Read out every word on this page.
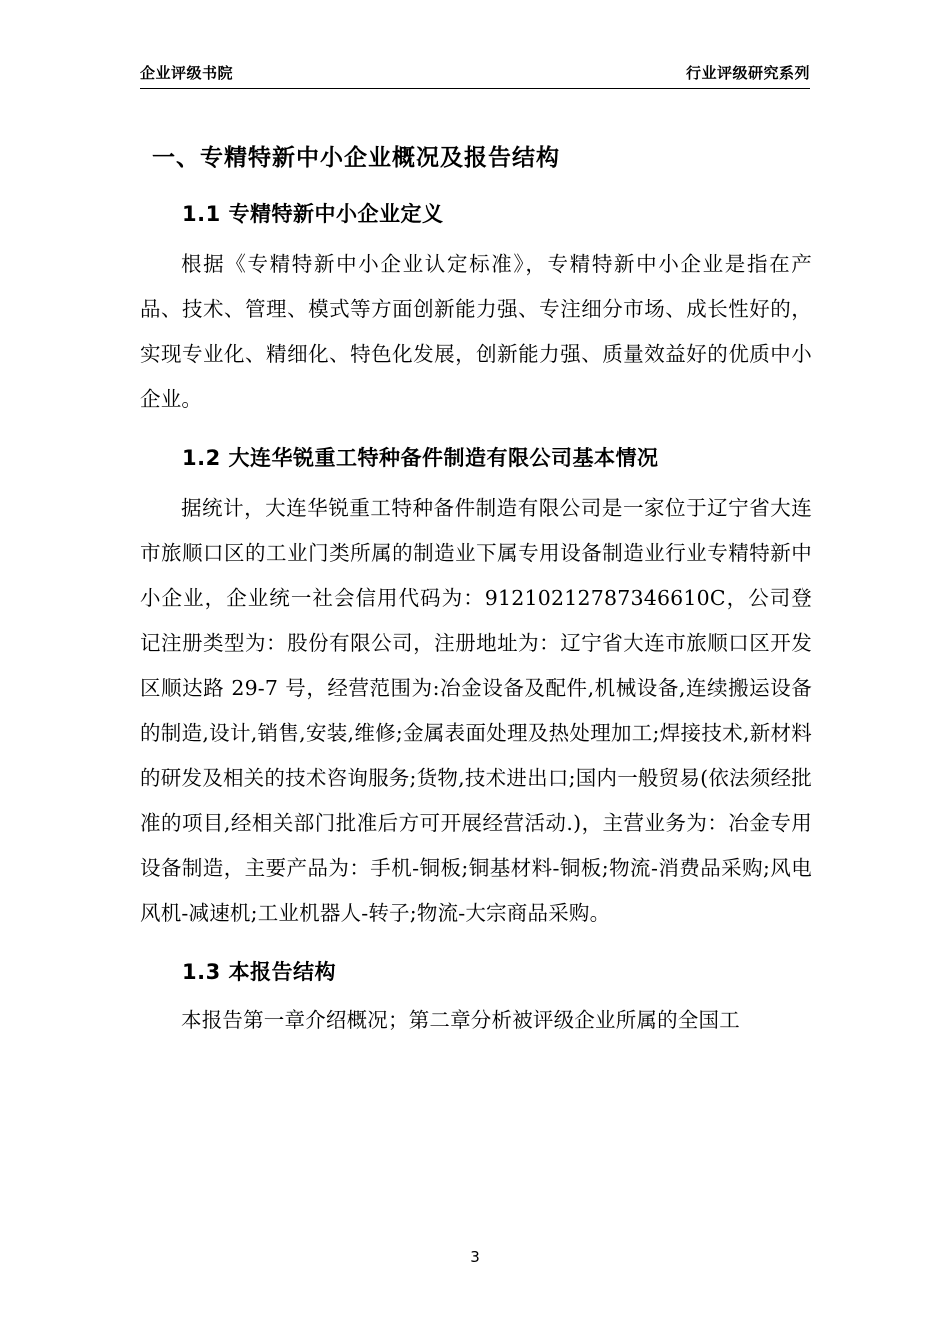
企业评级书院	行业评级研究系列
一、专精特新中小企业概况及报告结构
1.1 专精特新中小企业定义

根据《专精特新中小企业认定标准》，专精特新中小企业是指在产品、技术、管理、模式等方面创新能力强、专注细分市场、成长性好的，实现专业化、精细化、特色化发展，创新能力强、质量效益好的优质中小企业。

1.2 大连华锐重工特种备件制造有限公司基本情况

据统计，大连华锐重工特种备件制造有限公司是一家位于辽宁省大连市旅顺口区的工业门类所属的制造业下属专用设备制造业行业专精特新中小企业，企业统一社会信用代码为：91210212787346610C，公司登记注册类型为：股份有限公司，注册地址为：辽宁省大连市旅顺口区开发区顺达路 29-7 号，经营范围为:冶金设备及配件,机械设备,连续搬运设备的制造,设计,销售,安装,维修;金属表面处理及热处理加工;焊接技术,新材料的研发及相关的技术咨询服务;货物,技术进出口;国内一般贸易(依法须经批准的项目,经相关部门批准后方可开展经营活动.)，主营业务为：冶金专用设备制造，主要产品为：手机-铜板;铜基材料-铜板;物流-消费品采购;风电风机-减速机;工业机器人-转子;物流-大宗商品采购。

1.3 本报告结构

本报告第一章介绍概况；第二章分析被评级企业所属的全国工

3
